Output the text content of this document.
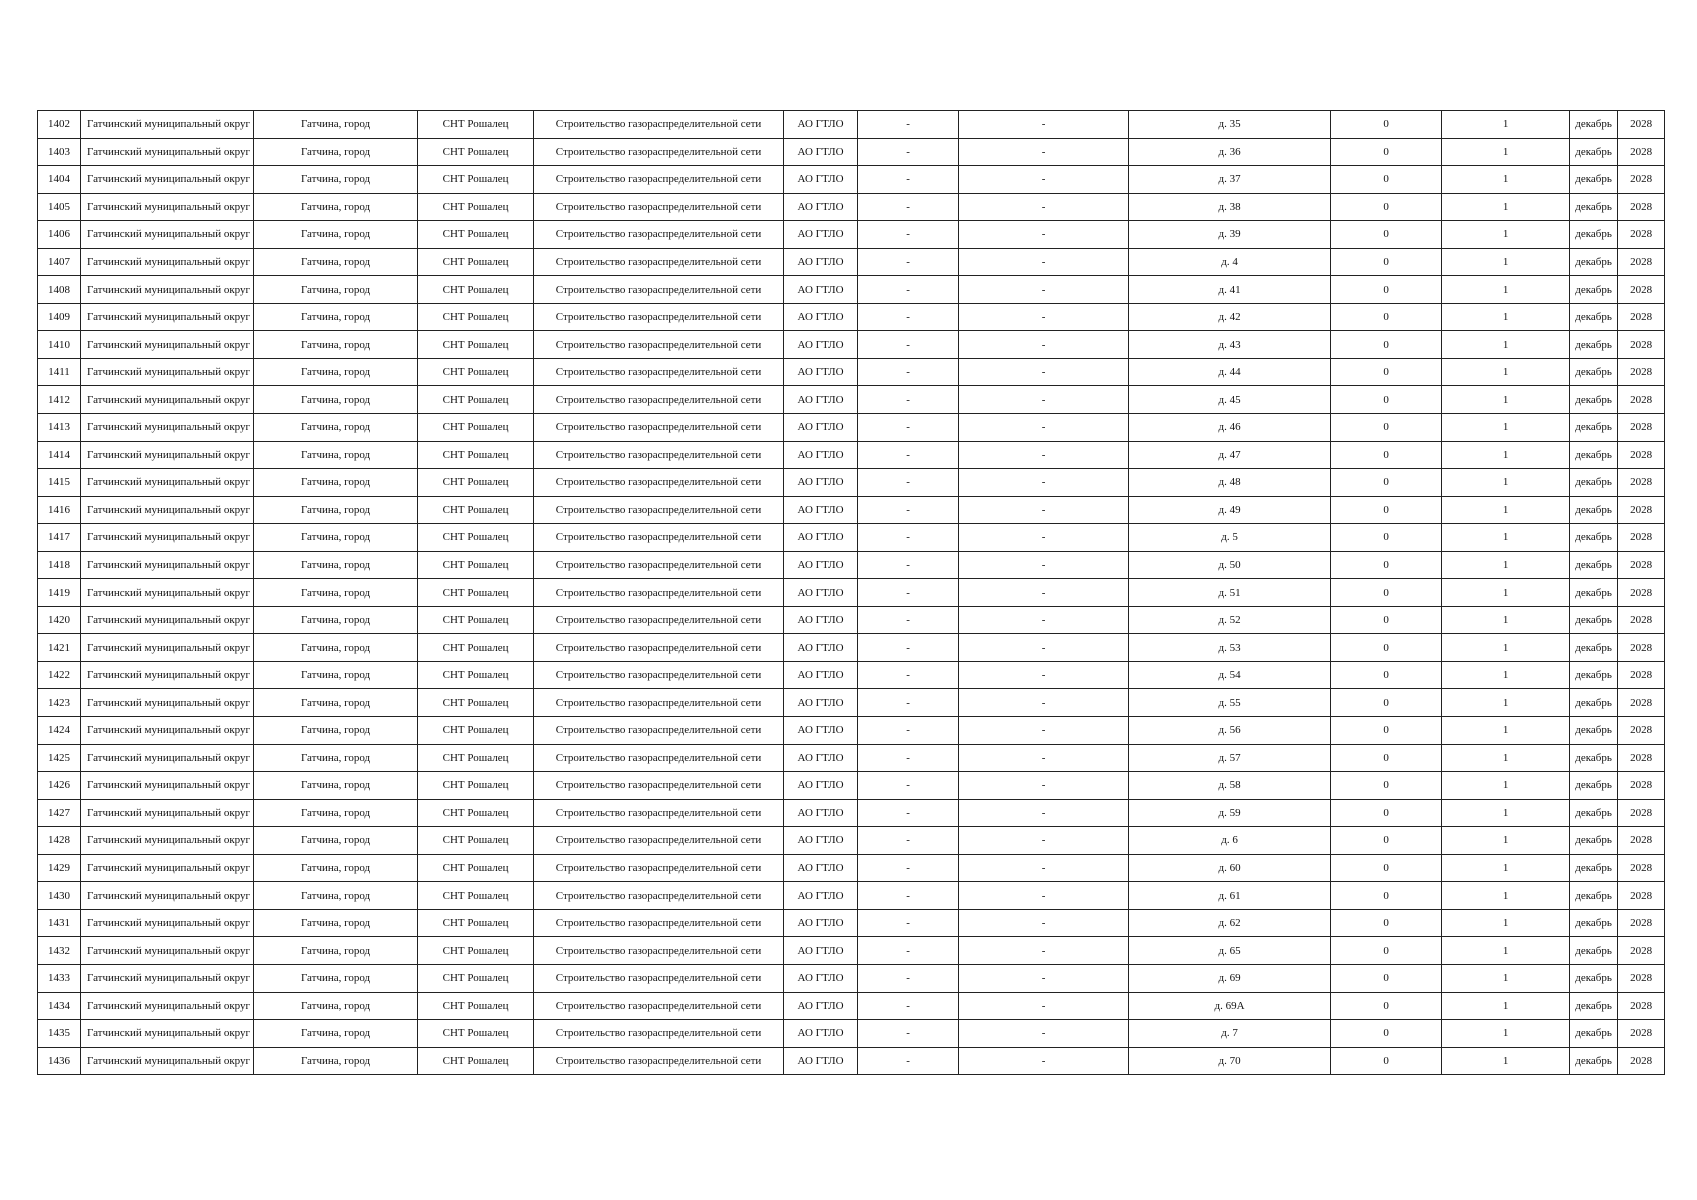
1402	Гатчинский муниципальный округ	Гатчина, город	СНТ Рошалец	Строительство газораспределительной сети	АО ГТЛО	-	-	д. 35	0	1	декабрь	2028
1403	Гатчинский муниципальный округ	Гатчина, город	СНТ Рошалец	Строительство газораспределительной сети	АО ГТЛО	-	-	д. 36	0	1	декабрь	2028
1404	Гатчинский муниципальный округ	Гатчина, город	СНТ Рошалец	Строительство газораспределительной сети	АО ГТЛО	-	-	д. 37	0	1	декабрь	2028
1405	Гатчинский муниципальный округ	Гатчина, город	СНТ Рошалец	Строительство газораспределительной сети	АО ГТЛО	-	-	д. 38	0	1	декабрь	2028
1406	Гатчинский муниципальный округ	Гатчина, город	СНТ Рошалец	Строительство газораспределительной сети	АО ГТЛО	-	-	д. 39	0	1	декабрь	2028
1407	Гатчинский муниципальный округ	Гатчина, город	СНТ Рошалец	Строительство газораспределительной сети	АО ГТЛО	-	-	д. 4	0	1	декабрь	2028
1408	Гатчинский муниципальный округ	Гатчина, город	СНТ Рошалец	Строительство газораспределительной сети	АО ГТЛО	-	-	д. 41	0	1	декабрь	2028
1409	Гатчинский муниципальный округ	Гатчина, город	СНТ Рошалец	Строительство газораспределительной сети	АО ГТЛО	-	-	д. 42	0	1	декабрь	2028
1410	Гатчинский муниципальный округ	Гатчина, город	СНТ Рошалец	Строительство газораспределительной сети	АО ГТЛО	-	-	д. 43	0	1	декабрь	2028
1411	Гатчинский муниципальный округ	Гатчина, город	СНТ Рошалец	Строительство газораспределительной сети	АО ГТЛО	-	-	д. 44	0	1	декабрь	2028
1412	Гатчинский муниципальный округ	Гатчина, город	СНТ Рошалец	Строительство газораспределительной сети	АО ГТЛО	-	-	д. 45	0	1	декабрь	2028
1413	Гатчинский муниципальный округ	Гатчина, город	СНТ Рошалец	Строительство газораспределительной сети	АО ГТЛО	-	-	д. 46	0	1	декабрь	2028
1414	Гатчинский муниципальный округ	Гатчина, город	СНТ Рошалец	Строительство газораспределительной сети	АО ГТЛО	-	-	д. 47	0	1	декабрь	2028
1415	Гатчинский муниципальный округ	Гатчина, город	СНТ Рошалец	Строительство газораспределительной сети	АО ГТЛО	-	-	д. 48	0	1	декабрь	2028
1416	Гатчинский муниципальный округ	Гатчина, город	СНТ Рошалец	Строительство газораспределительной сети	АО ГТЛО	-	-	д. 49	0	1	декабрь	2028
1417	Гатчинский муниципальный округ	Гатчина, город	СНТ Рошалец	Строительство газораспределительной сети	АО ГТЛО	-	-	д. 5	0	1	декабрь	2028
1418	Гатчинский муниципальный округ	Гатчина, город	СНТ Рошалец	Строительство газораспределительной сети	АО ГТЛО	-	-	д. 50	0	1	декабрь	2028
1419	Гатчинский муниципальный округ	Гатчина, город	СНТ Рошалец	Строительство газораспределительной сети	АО ГТЛО	-	-	д. 51	0	1	декабрь	2028
1420	Гатчинский муниципальный округ	Гатчина, город	СНТ Рошалец	Строительство газораспределительной сети	АО ГТЛО	-	-	д. 52	0	1	декабрь	2028
1421	Гатчинский муниципальный округ	Гатчина, город	СНТ Рошалец	Строительство газораспределительной сети	АО ГТЛО	-	-	д. 53	0	1	декабрь	2028
1422	Гатчинский муниципальный округ	Гатчина, город	СНТ Рошалец	Строительство газораспределительной сети	АО ГТЛО	-	-	д. 54	0	1	декабрь	2028
1423	Гатчинский муниципальный округ	Гатчина, город	СНТ Рошалец	Строительство газораспределительной сети	АО ГТЛО	-	-	д. 55	0	1	декабрь	2028
1424	Гатчинский муниципальный округ	Гатчина, город	СНТ Рошалец	Строительство газораспределительной сети	АО ГТЛО	-	-	д. 56	0	1	декабрь	2028
1425	Гатчинский муниципальный округ	Гатчина, город	СНТ Рошалец	Строительство газораспределительной сети	АО ГТЛО	-	-	д. 57	0	1	декабрь	2028
1426	Гатчинский муниципальный округ	Гатчина, город	СНТ Рошалец	Строительство газораспределительной сети	АО ГТЛО	-	-	д. 58	0	1	декабрь	2028
1427	Гатчинский муниципальный округ	Гатчина, город	СНТ Рошалец	Строительство газораспределительной сети	АО ГТЛО	-	-	д. 59	0	1	декабрь	2028
1428	Гатчинский муниципальный округ	Гатчина, город	СНТ Рошалец	Строительство газораспределительной сети	АО ГТЛО	-	-	д. 6	0	1	декабрь	2028
1429	Гатчинский муниципальный округ	Гатчина, город	СНТ Рошалец	Строительство газораспределительной сети	АО ГТЛО	-	-	д. 60	0	1	декабрь	2028
1430	Гатчинский муниципальный округ	Гатчина, город	СНТ Рошалец	Строительство газораспределительной сети	АО ГТЛО	-	-	д. 61	0	1	декабрь	2028
1431	Гатчинский муниципальный округ	Гатчина, город	СНТ Рошалец	Строительство газораспределительной сети	АО ГТЛО	-	-	д. 62	0	1	декабрь	2028
1432	Гатчинский муниципальный округ	Гатчина, город	СНТ Рошалец	Строительство газораспределительной сети	АО ГТЛО	-	-	д. 65	0	1	декабрь	2028
1433	Гатчинский муниципальный округ	Гатчина, город	СНТ Рошалец	Строительство газораспределительной сети	АО ГТЛО	-	-	д. 69	0	1	декабрь	2028
1434	Гатчинский муниципальный округ	Гатчина, город	СНТ Рошалец	Строительство газораспределительной сети	АО ГТЛО	-	-	д. 69А	0	1	декабрь	2028
1435	Гатчинский муниципальный округ	Гатчина, город	СНТ Рошалец	Строительство газораспределительной сети	АО ГТЛО	-	-	д. 7	0	1	декабрь	2028
1436	Гатчинский муниципальный округ	Гатчина, город	СНТ Рошалец	Строительство газораспределительной сети	АО ГТЛО	-	-	д. 70	0	1	декабрь	2028
